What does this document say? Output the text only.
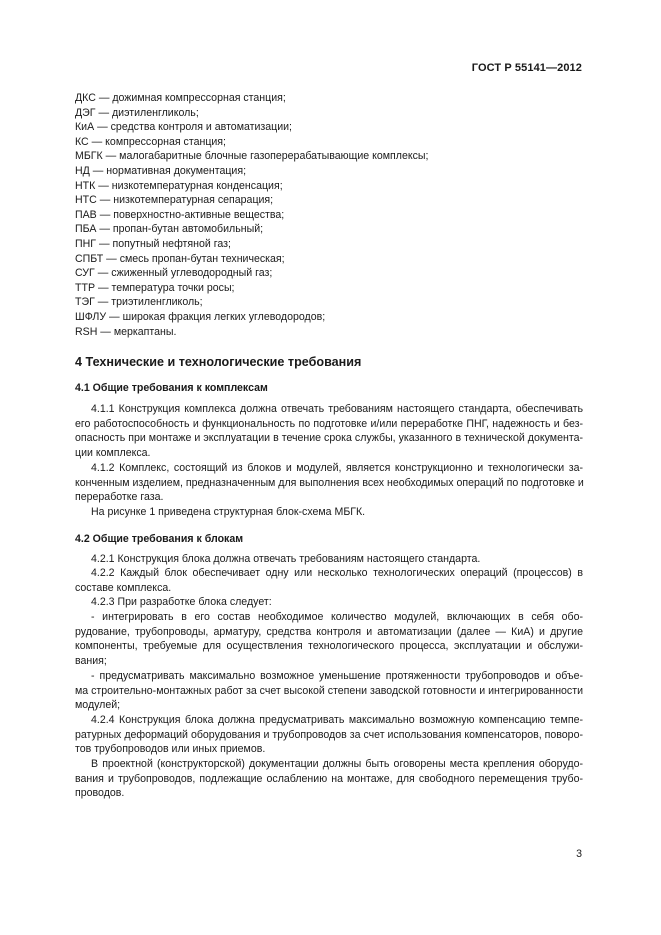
ГОСТ Р 55141—2012
ДКС — дожимная компрессорная станция;
ДЭГ — диэтиленгликоль;
КиА — средства контроля и автоматизации;
КС — компрессорная станция;
МБГК — малогабаритные блочные газоперерабатывающие комплексы;
НД — нормативная документация;
НТК — низкотемпературная конденсация;
НТС — низкотемпературная сепарация;
ПАВ — поверхностно-активные вещества;
ПБА — пропан-бутан автомобильный;
ПНГ — попутный нефтяной газ;
СПБТ — смесь пропан-бутан техническая;
СУГ — сжиженный углеводородный газ;
ТТР — температура точки росы;
ТЭГ — триэтиленгликоль;
ШФЛУ — широкая фракция легких углеводородов;
RSH — меркаптаны.
4 Технические и технологические требования
4.1 Общие требования к комплексам
4.1.1 Конструкция комплекса должна отвечать требованиям настоящего стандарта, обеспечивать
его работоспособность и функциональность по подготовке и/или переработке ПНГ, надежность и без-
опасность при монтаже и эксплуатации в течение срока службы, указанного в технической документа-
ции комплекса.
4.1.2 Комплекс, состоящий из блоков и модулей, является конструкционно и технологически за-
конченным изделием, предназначенным для выполнения всех необходимых операций по подготовке и
переработке газа.
На рисунке 1 приведена структурная блок-схема МБГК.
4.2 Общие требования к блокам
4.2.1 Конструкция блока должна отвечать требованиям настоящего стандарта.
4.2.2 Каждый блок обеспечивает одну или несколько технологических операций (процессов) в
составе комплекса.
4.2.3 При разработке блока следует:
- интегрировать в его состав необходимое количество модулей, включающих в себя обо-
рудование, трубопроводы, арматуру, средства контроля и автоматизации (далее — КиА) и другие
компоненты, требуемые для осуществления технологического процесса, эксплуатации и обслужи-
вания;
- предусматривать максимально возможное уменьшение протяженности трубопроводов и объе-
ма строительно-монтажных работ за счет высокой степени заводской готовности и интегрированности
модулей;
4.2.4 Конструкция блока должна предусматривать максимально возможную компенсацию темпе-
ратурных деформаций оборудования и трубопроводов за счет использования компенсаторов, поворо-
тов трубопроводов или иных приемов.
В проектной (конструкторской) документации должны быть оговорены места крепления оборудо-
вания и трубопроводов, подлежащие ослаблению на монтаже, для свободного перемещения трубо-
проводов.
3
